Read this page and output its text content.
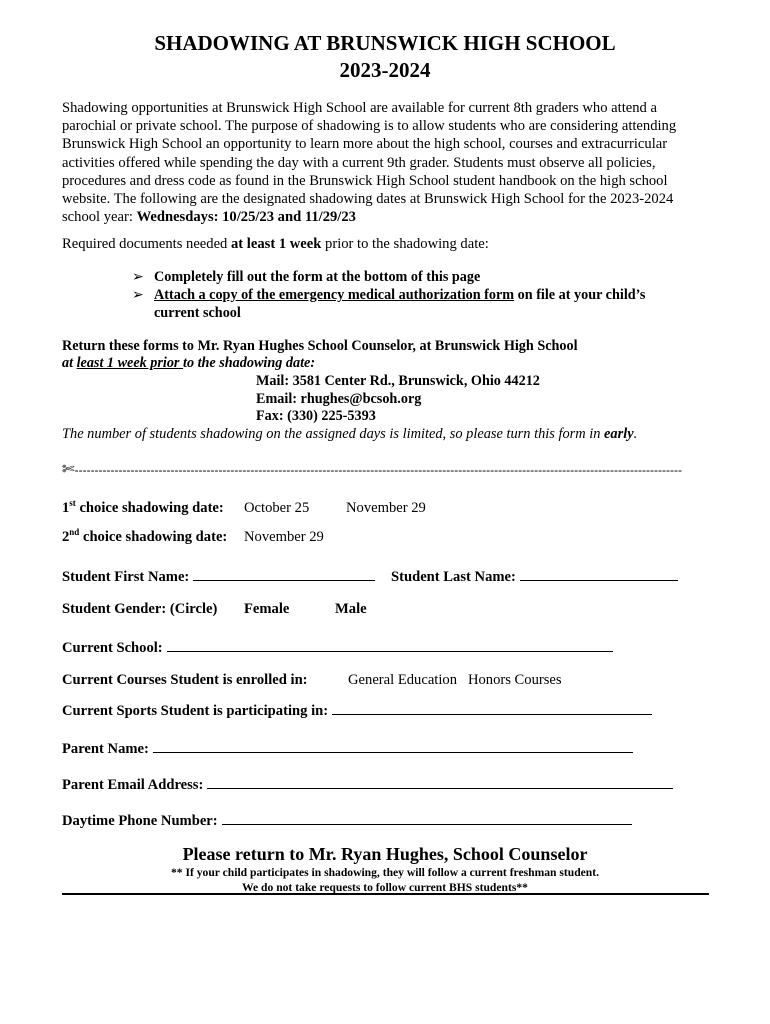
SHADOWING AT BRUNSWICK HIGH SCHOOL
2023-2024
Shadowing opportunities at Brunswick High School are available for current 8th graders who attend a parochial or private school. The purpose of shadowing is to allow students who are considering attending Brunswick High School an opportunity to learn more about the high school, courses and extracurricular activities offered while spending the day with a current 9th grader. Students must observe all policies, procedures and dress code as found in the Brunswick High School student handbook on the high school website. The following are the designated shadowing dates at Brunswick High School for the 2023-2024 school year: Wednesdays: 10/25/23 and 11/29/23
Required documents needed at least 1 week prior to the shadowing date:
➢ Completely fill out the form at the bottom of this page
➢ Attach a copy of the emergency medical authorization form on file at your child’s
current school
Return these forms to Mr. Ryan Hughes School Counselor, at Brunswick High School
at least 1 week prior to the shadowing date:
Mail: 3581 Center Rd., Brunswick, Ohio 44212
Email: rhughes@bcsoh.org
Fax: (330) 225-5393
The number of students shadowing on the assigned days is limited, so please turn this form in early.
✄--------------------------------------------------------------------------------------------------------------------------------------------------------
1st choice shadowing date: October 25	November 29
2nd choice shadowing date: November 29
Student First Name:	Student Last Name:
Student Gender: (Circle) Female	Male
Current School:
Current Courses Student is enrolled in:	General Education   Honors Courses
Current Sports Student is participating in:
Parent Name:
Parent Email Address:
Daytime Phone Number:
Please return to Mr. Ryan Hughes, School Counselor
** If your child participates in shadowing, they will follow a current freshman student.
We do not take requests to follow current BHS students**
